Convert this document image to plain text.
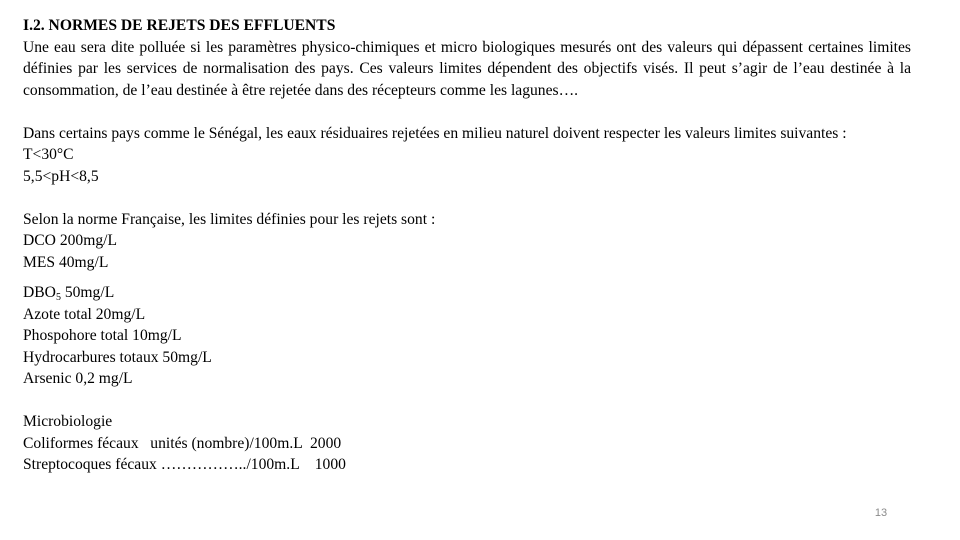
I.2. NORMES DE REJETS DES EFFLUENTS
Une eau sera dite polluée si les paramètres physico-chimiques et micro biologiques mesurés ont des valeurs qui dépassent certaines limites définies par les services de normalisation des pays. Ces valeurs limites dépendent des objectifs visés. Il peut s’agir de l’eau destinée à la consommation, de l’eau destinée à être rejetée dans des récepteurs comme les lagunes….
Dans certains pays comme le Sénégal, les eaux résiduaires rejetées en milieu naturel doivent respecter les valeurs limites suivantes :
T<30°C
5,5<pH<8,5
Selon la norme Française, les limites définies pour les rejets sont :
DCO 200mg/L
MES 40mg/L
$DBO_5$ 50mg/L
Azote total 20mg/L
Phospohore total 10mg/L
Hydrocarbures totaux 50mg/L
Arsenic 0,2 mg/L
Microbiologie
Coliformes fécaux   unités (nombre)/100m.L  2000
Streptocoques fécaux ……………../100m.L    1000
13
